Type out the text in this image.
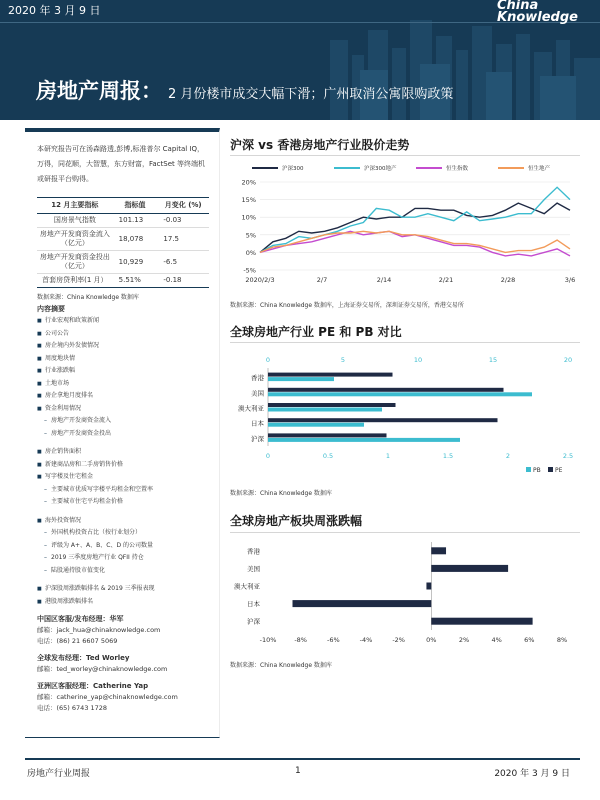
2020 年 3 月 9 日	China
Knowledge
房地产周报： 2 月份楼市成交大幅下滑；广州取消公寓限购政策
本研究报告可在汤森路透,彭博,标准普尔 Capital IQ，万得，同花顺，大智慧，东方财富，FactSet 等终端机或研报平台购得。
12 月主要指标	指标值	月变化 (%)
国房景气指数	101.13	-0.03
房地产开发商资金流入（亿元）	18,078	17.5
房地产开发商资金投出（亿元）	10,929	-6.5
首套房贷利率(1 月）	5.51%	-0.18
数据来源：China Knowledge 数据库
内容摘要
■ 行业宏观和政策新闻
■ 公司公告
■ 房企境内外发债情况
■ 周度地块情
■ 行业涨跌幅
■ 土地市场
■ 房企拿地月度排名
■ 资金利用情况
– 房地产开发商资金流入
– 房地产开发商资金投出
■ 房企销售面积
■ 新建商品房和二手房销售价格
■ 写字楼及住宅租金
– 主要城市优质写字楼平均租金和空置率
– 主要城市住宅平均租金价格
■ 海外投资情况
– 外国机构投资占比（按行业划分）
– 评级为 A+、A、B、C、D 的公司数量
– 2019 三季度房地产行业 QFII 持仓
– 陆股通持股市值变化
■ 沪深股周涨跌幅排名 & 2019 三季报表现
■ 港股周涨跌幅排名
中国区客服/发布经理：华军
邮箱：jack_hua@chinaknowledge.com
电话：(86) 21 6607 5069
全球发布经理：Ted Worley
邮箱：ted_worley@chinaknowledge.com
亚洲区客服经理：Catherine Yap
邮箱：catherine_yap@chinaknowledge.com
电话：(65) 6743 1728
沪深 vs 香港房地产行业股价走势
-5%
0%
5%
10%
15%
20%
2020/2/3	2/7	2/14	2/21	2/28	3/6
沪深300	沪深300地产	恒生指数	恒生地产
数据来源：China Knowledge 数据库，上海证券交易所，深圳证券交易所，香港交易所
全球房地产行业 PE 和 PB 对比
0	5	10	15	20
0	0.5	1	1.5	2	2.5
香港
美国
澳大利亚
日本
沪深
PB PE
数据来源：China Knowledge 数据库
全球房地产板块周涨跌幅
-10%	-8%	-6%	-4%	-2%	0%	2%	4%	6%	8%
香港
美国
澳大利亚
日本
沪深
数据来源：China Knowledge 数据库
房地产行业周报	1	2020 年 3 月 9 日
